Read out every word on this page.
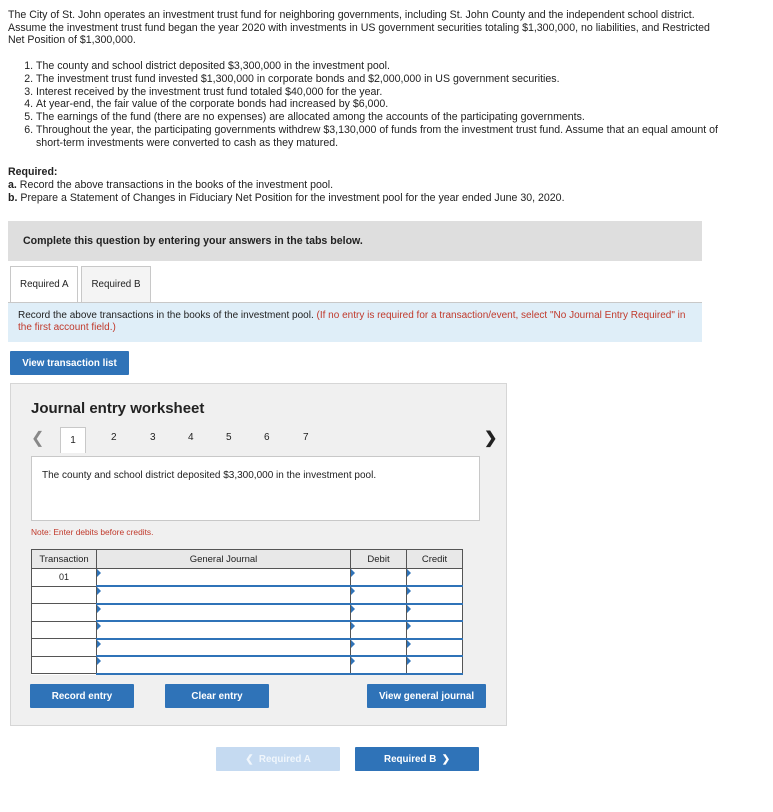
The City of St. John operates an investment trust fund for neighboring governments, including St. John County and the independent school district. Assume the investment trust fund began the year 2020 with investments in US government securities totaling $1,300,000, no liabilities, and Restricted Net Position of $1,300,000.
1. The county and school district deposited $3,300,000 in the investment pool.
2. The investment trust fund invested $1,300,000 in corporate bonds and $2,000,000 in US government securities.
3. Interest received by the investment trust fund totaled $40,000 for the year.
4. At year-end, the fair value of the corporate bonds had increased by $6,000.
5. The earnings of the fund (there are no expenses) are allocated among the accounts of the participating governments.
6. Throughout the year, the participating governments withdrew $3,130,000 of funds from the investment trust fund. Assume that an equal amount of short-term investments were converted to cash as they matured.
Required:
a. Record the above transactions in the books of the investment pool.
b. Prepare a Statement of Changes in Fiduciary Net Position for the investment pool for the year ended June 30, 2020.
Complete this question by entering your answers in the tabs below.
Required A	Required B
Record the above transactions in the books of the investment pool. (If no entry is required for a transaction/event, select "No Journal Entry Required" in the first account field.)
View transaction list
Journal entry worksheet
❮	1	2	3	4	5	6	7	❯
The county and school district deposited $3,300,000 in the investment pool.
Note: Enter debits before credits.
Transaction	General Journal	Debit	Credit
01			

Record entry	Clear entry	View general journal
❮ Required A	Required B ❯
